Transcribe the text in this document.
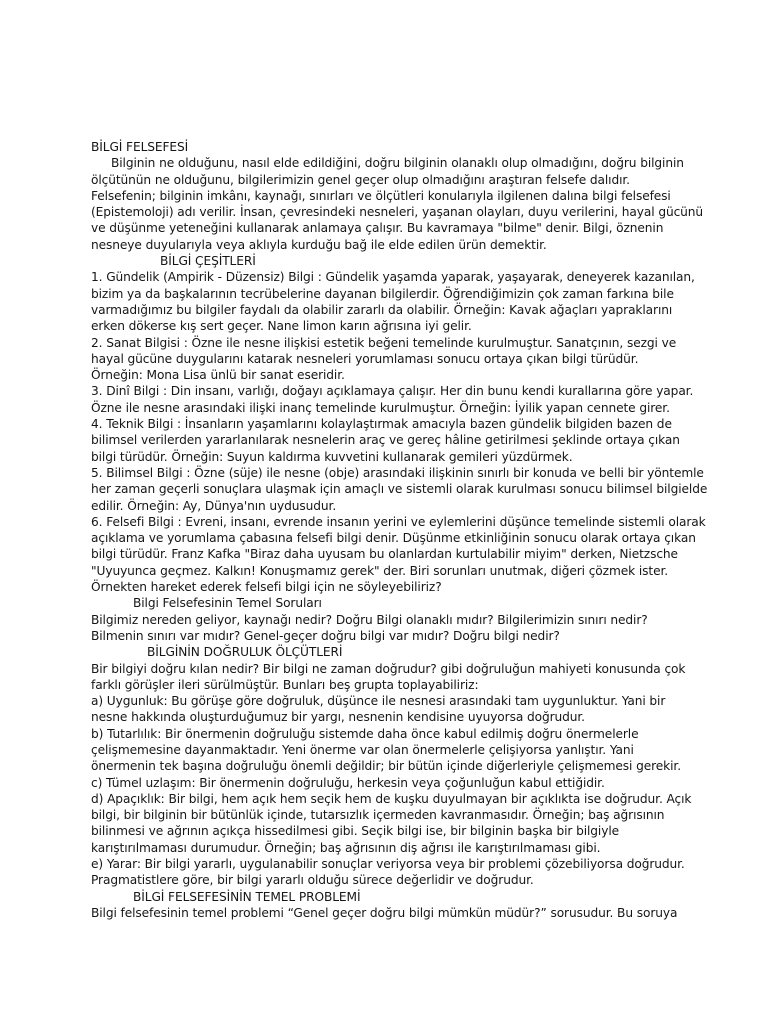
BİLGİ FELSEFESİ
Bilginin ne olduğunu, nasıl elde edildiğini, doğru bilginin olanaklı olup olmadığını, doğru bilginin
ölçütünün ne olduğunu, bilgilerimizin genel geçer olup olmadığını araştıran felsefe dalıdır.
Felsefenin; bilginin imkânı, kaynağı, sınırları ve ölçütleri konularıyla ilgilenen dalına bilgi felsefesi
(Epistemoloji) adı verilir. İnsan, çevresindeki nesneleri, yaşanan olayları, duyu verilerini, hayal gücünü
ve düşünme yeteneğini kullanarak anlamaya çalışır. Bu kavramaya "bilme" denir. Bilgi, öznenin
nesneye duyularıyla veya aklıyla kurduğu bağ ile elde edilen ürün demektir.
BİLGİ ÇEŞİTLERİ
1. Gündelik (Ampirik - Düzensiz) Bilgi : Gündelik yaşamda yaparak, yaşayarak, deneyerek kazanılan,
bizim ya da başkalarının tecrübelerine dayanan bilgilerdir. Öğrendiğimizin çok zaman farkına bile
varmadığımız bu bilgiler faydalı da olabilir zararlı da olabilir. Örneğin: Kavak ağaçları yapraklarını
erken dökerse kış sert geçer. Nane limon karın ağrısına iyi gelir.
2. Sanat Bilgisi : Özne ile nesne ilişkisi estetik beğeni temelinde kurulmuştur. Sanatçının, sezgi ve
hayal gücüne duygularını katarak nesneleri yorumlaması sonucu ortaya çıkan bilgi türüdür.
Örneğin: Mona Lisa ünlü bir sanat eseridir.
3. Dinî Bilgi : Din insanı, varlığı, doğayı açıklamaya çalışır. Her din bunu kendi kurallarına göre yapar.
Özne ile nesne arasındaki ilişki inanç temelinde kurulmuştur. Örneğin: İyilik yapan cennete girer.
4. Teknik Bilgi : İnsanların yaşamlarını kolaylaştırmak amacıyla bazen gündelik bilgiden bazen de
bilimsel verilerden yararlanılarak nesnelerin araç ve gereç hâline getirilmesi şeklinde ortaya çıkan
bilgi türüdür. Örneğin: Suyun kaldırma kuvvetini kullanarak gemileri yüzdürmek.
5. Bilimsel Bilgi : Özne (süje) ile nesne (obje) arasındaki ilişkinin sınırlı bir konuda ve belli bir yöntemle
her zaman geçerli sonuçlara ulaşmak için amaçlı ve sistemli olarak kurulması sonucu bilimsel bilgielde
edilir. Örneğin: Ay, Dünya'nın uydusudur.
6. Felsefi Bilgi : Evreni, insanı, evrende insanın yerini ve eylemlerini düşünce temelinde sistemli olarak
açıklama ve yorumlama çabasına felsefi bilgi denir. Düşünme etkinliğinin sonucu olarak ortaya çıkan
bilgi türüdür. Franz Kafka "Biraz daha uyusam bu olanlardan kurtulabilir miyim" derken, Nietzsche
"Uyuyunca geçmez. Kalkın! Konuşmamız gerek" der. Biri sorunları unutmak, diğeri çözmek ister.
Örnekten hareket ederek felsefi bilgi için ne söyleyebiliriz?
Bilgi Felsefesinin Temel Soruları
Bilgimiz nereden geliyor, kaynağı nedir? Doğru Bilgi olanaklı mıdır? Bilgilerimizin sınırı nedir?
Bilmenin sınırı var mıdır? Genel-geçer doğru bilgi var mıdır? Doğru bilgi nedir?
BİLGİNİN DOĞRULUK ÖLÇÜTLERİ
Bir bilgiyi doğru kılan nedir? Bir bilgi ne zaman doğrudur? gibi doğruluğun mahiyeti konusunda çok
farklı görüşler ileri sürülmüştür. Bunları beş grupta toplayabiliriz:
a) Uygunluk: Bu görüşe göre doğruluk, düşünce ile nesnesi arasındaki tam uygunluktur. Yani bir
nesne hakkında oluşturduğumuz bir yargı, nesnenin kendisine uyuyorsa doğrudur.
b) Tutarlılık: Bir önermenin doğruluğu sistemde daha önce kabul edilmiş doğru önermelerle
çelişmemesine dayanmaktadır. Yeni önerme var olan önermelerle çelişiyorsa yanlıştır. Yani
önermenin tek başına doğruluğu önemli değildir; bir bütün içinde diğerleriyle çelişmemesi gerekir.
c) Tümel uzlaşım: Bir önermenin doğruluğu, herkesin veya çoğunluğun kabul ettiğidir.
d) Apaçıklık: Bir bilgi, hem açık hem seçik hem de kuşku duyulmayan bir açıklıkta ise doğrudur. Açık
bilgi, bir bilginin bir bütünlük içinde, tutarsızlık içermeden kavranmasıdır. Örneğin; baş ağrısının
bilinmesi ve ağrının açıkça hissedilmesi gibi. Seçik bilgi ise, bir bilginin başka bir bilgiyle
karıştırılmaması durumudur. Örneğin; baş ağrısının diş ağrısı ile karıştırılmaması gibi.
e) Yarar: Bir bilgi yararlı, uygulanabilir sonuçlar veriyorsa veya bir problemi çözebiliyorsa doğrudur.
Pragmatistlere göre, bir bilgi yararlı olduğu sürece değerlidir ve doğrudur.
BİLGİ FELSEFESİNİN TEMEL PROBLEMİ
Bilgi felsefesinin temel problemi “Genel geçer doğru bilgi mümkün müdür?” sorusudur. Bu soruya
